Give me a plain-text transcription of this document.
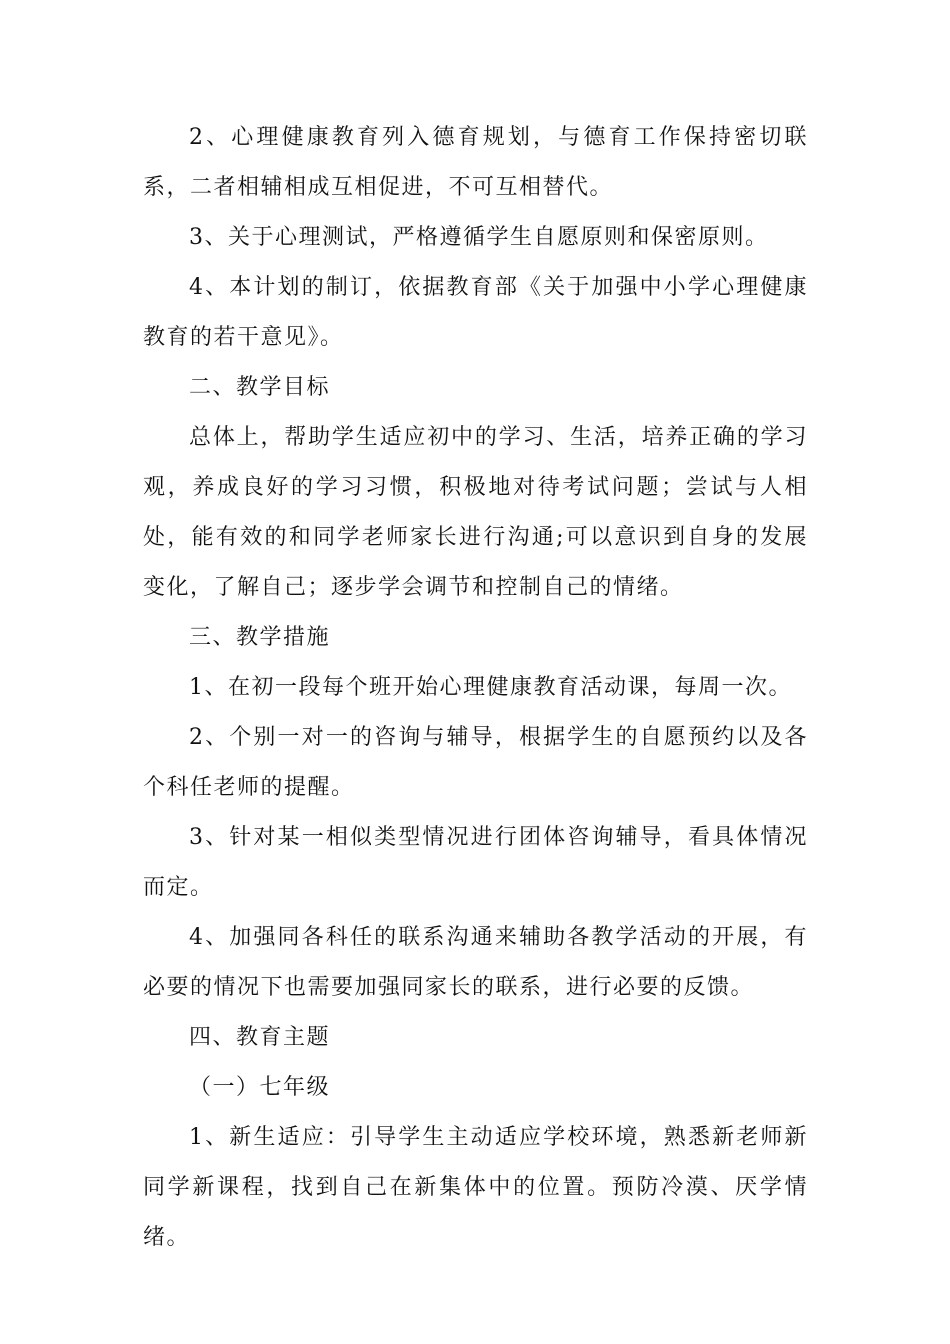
2、心理健康教育列入德育规划，与德育工作保持密切联系，二者相辅相成互相促进，不可互相替代。

3、关于心理测试，严格遵循学生自愿原则和保密原则。

4、本计划的制订，依据教育部《关于加强中小学心理健康教育的若干意见》。

二、教学目标

总体上，帮助学生适应初中的学习、生活，培养正确的学习观，养成良好的学习习惯，积极地对待考试问题；尝试与人相处，能有效的和同学老师家长进行沟通;可以意识到自身的发展变化，了解自己；逐步学会调节和控制自己的情绪。

三、教学措施

1、在初一段每个班开始心理健康教育活动课，每周一次。

2、个别一对一的咨询与辅导，根据学生的自愿预约以及各个科任老师的提醒。

3、针对某一相似类型情况进行团体咨询辅导，看具体情况而定。

4、加强同各科任的联系沟通来辅助各教学活动的开展，有必要的情况下也需要加强同家长的联系，进行必要的反馈。

四、教育主题

（一）七年级

1、新生适应：引导学生主动适应学校环境，熟悉新老师新同学新课程，找到自己在新集体中的位置。预防冷漠、厌学情绪。
